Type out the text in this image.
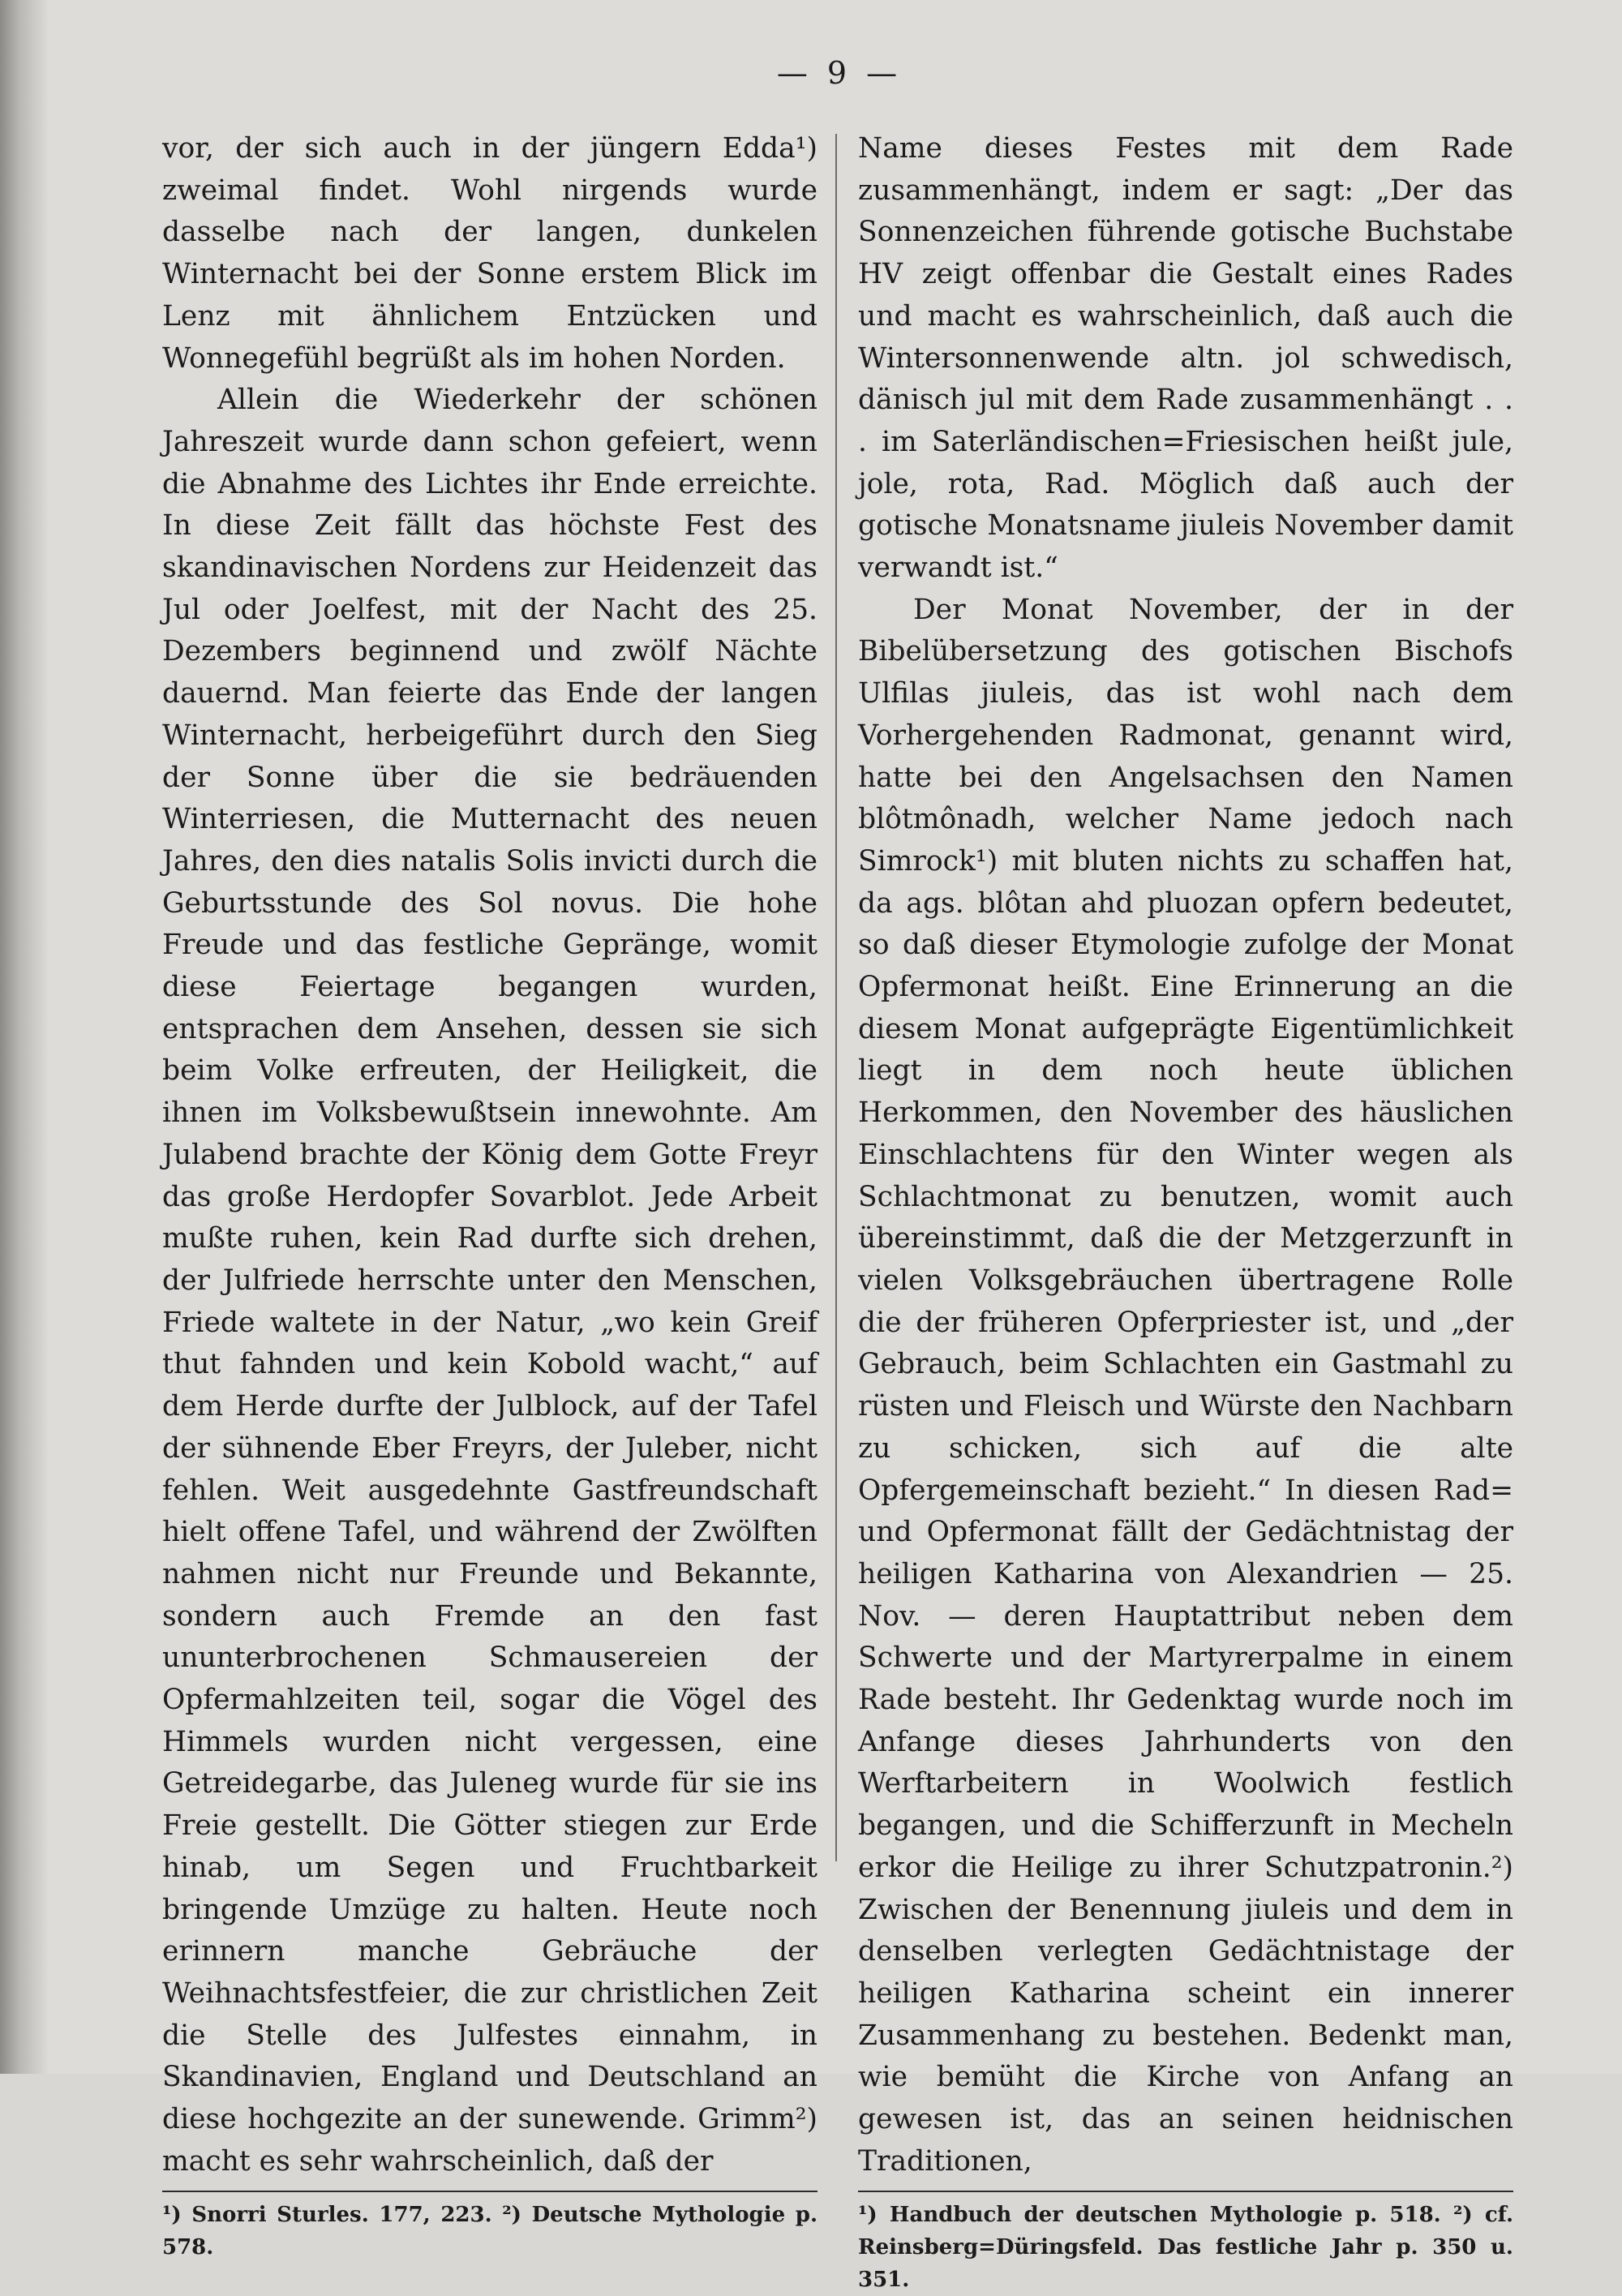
— 9 —

vor, der sich auch in der jüngern Edda¹) zweimal findet. Wohl nirgends wurde dasselbe nach der langen, dunkelen Winternacht bei der Sonne erstem Blick im Lenz mit ähnlichem Entzücken und Wonnegefühl begrüßt als im hohen Norden.

Allein die Wiederkehr der schönen Jahreszeit wurde dann schon gefeiert, wenn die Abnahme des Lichtes ihr Ende erreichte. In diese Zeit fällt das höchste Fest des skandinavischen Nordens zur Heidenzeit das Jul oder Joelfest, mit der Nacht des 25. Dezembers beginnend und zwölf Nächte dauernd. Man feierte das Ende der langen Winternacht, herbeigeführt durch den Sieg der Sonne über die sie bedräuenden Winterriesen, die Mutternacht des neuen Jahres, den dies natalis Solis invicti durch die Geburtsstunde des Sol novus. Die hohe Freude und das festliche Gepränge, womit diese Feiertage begangen wurden, entsprachen dem Ansehen, dessen sie sich beim Volke erfreuten, der Heiligkeit, die ihnen im Volksbewußtsein innewohnte. Am Julabend brachte der König dem Gotte Freyr das große Herdopfer Sovarblot. Jede Arbeit mußte ruhen, kein Rad durfte sich drehen, der Julfriede herrschte unter den Menschen, Friede waltete in der Natur, „wo kein Greif thut fahnden und kein Kobold wacht,“ auf dem Herde durfte der Julblock, auf der Tafel der sühnende Eber Freyrs, der Juleber, nicht fehlen. Weit ausgedehnte Gastfreundschaft hielt offene Tafel, und während der Zwölften nahmen nicht nur Freunde und Bekannte, sondern auch Fremde an den fast ununterbrochenen Schmausereien der Opfermahlzeiten teil, sogar die Vögel des Himmels wurden nicht vergessen, eine Getreidegarbe, das Juleneg wurde für sie ins Freie gestellt. Die Götter stiegen zur Erde hinab, um Segen und Fruchtbarkeit bringende Umzüge zu halten. Heute noch erinnern manche Gebräuche der Weihnachtsfestfeier, die zur christlichen Zeit die Stelle des Julfestes einnahm, in Skandinavien, England und Deutschland an diese hochgezite an der sunewende. Grimm²) macht es sehr wahrscheinlich, daß der

¹) Snorri Sturles. 177, 223. ²) Deutsche Mythologie p. 578.

Name dieses Festes mit dem Rade zusammenhängt, indem er sagt: „Der das Sonnenzeichen führende gotische Buchstabe HV zeigt offenbar die Gestalt eines Rades und macht es wahrscheinlich, daß auch die Wintersonnenwende altn. jol schwedisch, dänisch jul mit dem Rade zusammenhängt . . . im Saterländischen=Friesischen heißt jule, jole, rota, Rad. Möglich daß auch der gotische Monatsname jiuleis November damit verwandt ist.“

Der Monat November, der in der Bibelübersetzung des gotischen Bischofs Ulfilas jiuleis, das ist wohl nach dem Vorhergehenden Radmonat, genannt wird, hatte bei den Angelsachsen den Namen blôtmônadh, welcher Name jedoch nach Simrock¹) mit bluten nichts zu schaffen hat, da ags. blôtan ahd pluozan opfern bedeutet, so daß dieser Etymologie zufolge der Monat Opfermonat heißt. Eine Erinnerung an die diesem Monat aufgeprägte Eigentümlichkeit liegt in dem noch heute üblichen Herkommen, den November des häuslichen Einschlachtens für den Winter wegen als Schlachtmonat zu benutzen, womit auch übereinstimmt, daß die der Metzgerzunft in vielen Volksgebräuchen übertragene Rolle die der früheren Opferpriester ist, und „der Gebrauch, beim Schlachten ein Gastmahl zu rüsten und Fleisch und Würste den Nachbarn zu schicken, sich auf die alte Opfergemeinschaft bezieht.“ In diesen Rad= und Opfermonat fällt der Gedächtnistag der heiligen Katharina von Alexandrien — 25. Nov. — deren Hauptattribut neben dem Schwerte und der Martyrerpalme in einem Rade besteht. Ihr Gedenktag wurde noch im Anfange dieses Jahrhunderts von den Werftarbeitern in Woolwich festlich begangen, und die Schifferzunft in Mecheln erkor die Heilige zu ihrer Schutzpatronin.²) Zwischen der Benennung jiuleis und dem in denselben verlegten Gedächtnistage der heiligen Katharina scheint ein innerer Zusammenhang zu bestehen. Bedenkt man, wie bemüht die Kirche von Anfang an gewesen ist, das an seinen heidnischen Traditionen,

¹) Handbuch der deutschen Mythologie p. 518. ²) cf. Reinsberg=Düringsfeld. Das festliche Jahr p. 350 u. 351.
